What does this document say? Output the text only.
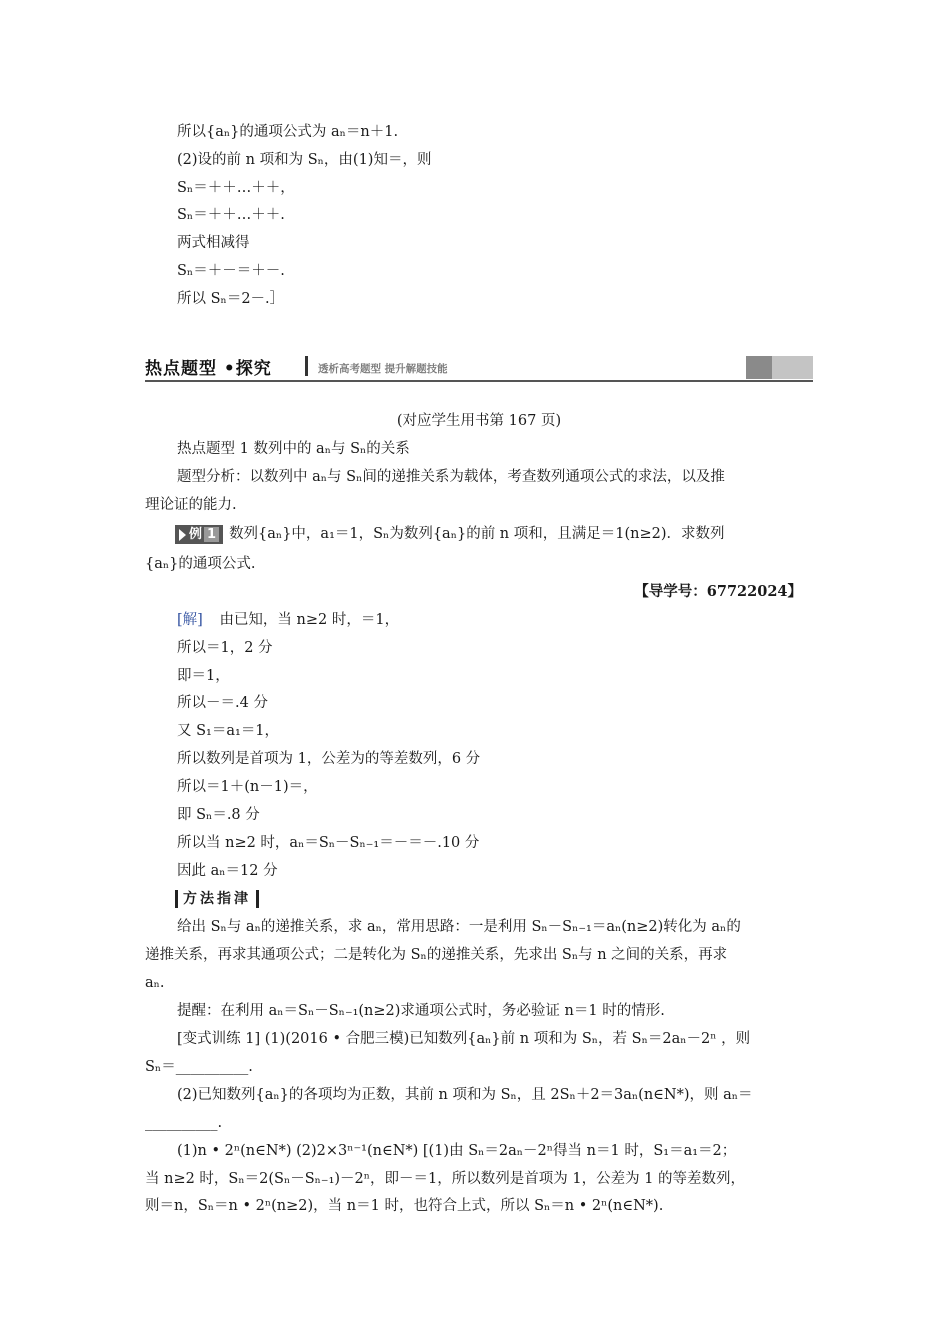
所以{aₙ}的通项公式为 aₙ＝n＋1.
(2)设的前 n 项和为 Sₙ，由(1)知＝，则
Sₙ＝＋＋…＋＋，
Sₙ＝＋＋…＋＋.
两式相减得
Sₙ＝＋－＝＋－.
所以 Sₙ＝2－.］
热点题型 •探究	透析高考题型 提升解题技能
(对应学生用书第 167 页)
热点题型 1 数列中的 aₙ与 Sₙ的关系
题型分析：以数列中 aₙ与 Sₙ间的递推关系为载体，考查数列通项公式的求法，以及推
理论证的能力.
例 1 数列{aₙ}中，a₁＝1，Sₙ为数列{aₙ}的前 n 项和，且满足＝1(n≥2)．求数列
{aₙ}的通项公式.
【导学号：67722024】
[解] 由已知，当 n≥2 时，＝1，
所以＝1，2 分
即＝1，
所以－＝.4 分
又 S₁＝a₁＝1，
所以数列是首项为 1，公差为的等差数列，6 分
所以＝1＋(n－1)＝，
即 Sₙ＝.8 分
所以当 n≥2 时，aₙ＝Sₙ－Sₙ₋₁＝－＝－.10 分
因此 aₙ＝12 分
方法指津
给出 Sₙ与 aₙ的递推关系，求 aₙ，常用思路：一是利用 Sₙ－Sₙ₋₁＝aₙ(n≥2)转化为 aₙ的
递推关系，再求其通项公式；二是转化为 Sₙ的递推关系，先求出 Sₙ与 n 之间的关系，再求
aₙ.
提醒：在利用 aₙ＝Sₙ－Sₙ₋₁(n≥2)求通项公式时，务必验证 n＝1 时的情形.
[变式训练 1] (1)(2016 • 合肥三模)已知数列{aₙ}前 n 项和为 Sₙ，若 Sₙ＝2aₙ－2ⁿ ，则
Sₙ＝__________.
(2)已知数列{aₙ}的各项均为正数，其前 n 项和为 Sₙ，且 2Sₙ＋2＝3aₙ(n∈N*)，则 aₙ＝
__________.
(1)n • 2ⁿ(n∈N*) (2)2×3ⁿ⁻¹(n∈N*) [(1)由 Sₙ＝2aₙ－2ⁿ得当 n＝1 时，S₁＝a₁＝2；
当 n≥2 时，Sₙ＝2(Sₙ－Sₙ₋₁)－2ⁿ，即－＝1，所以数列是首项为 1，公差为 1 的等差数列，
则＝n，Sₙ＝n • 2ⁿ(n≥2)，当 n＝1 时，也符合上式，所以 Sₙ＝n • 2ⁿ(n∈N*).
